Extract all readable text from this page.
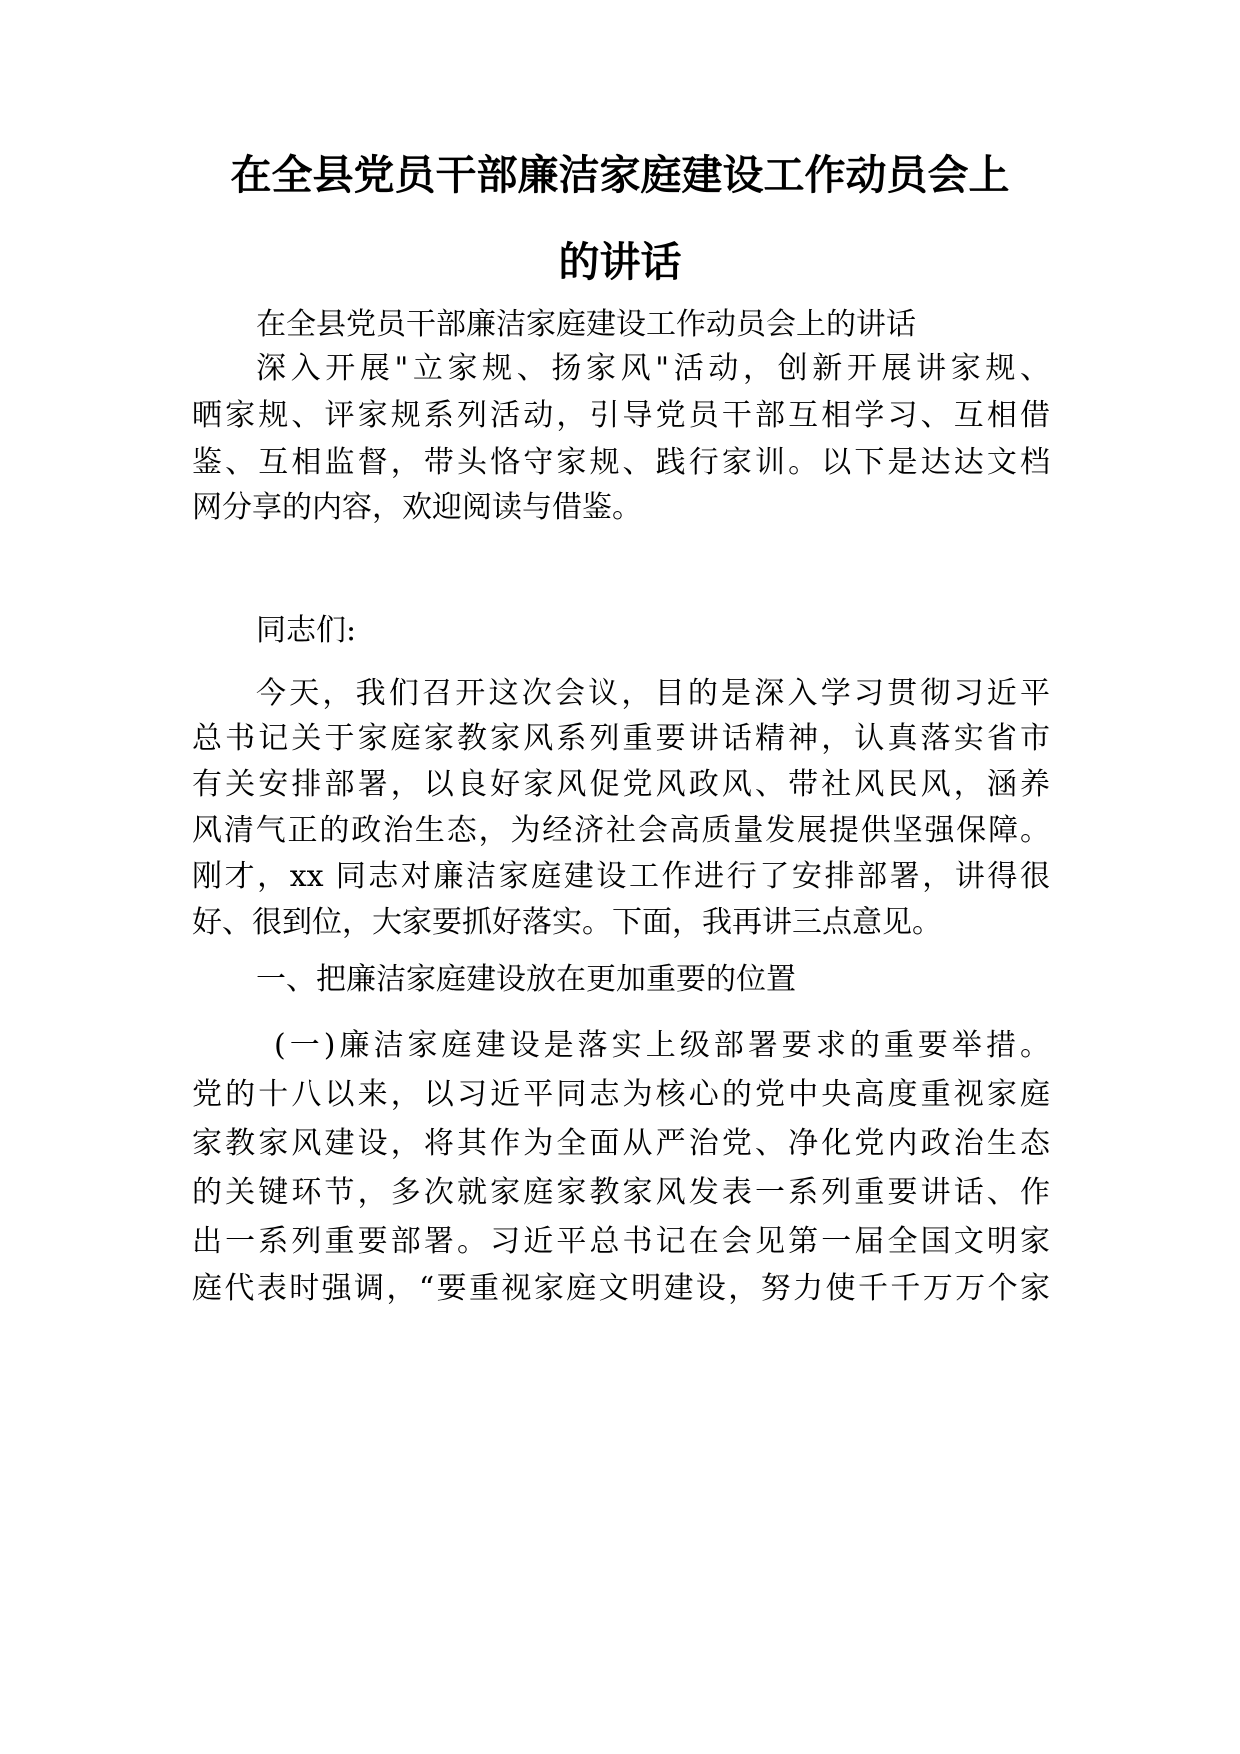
在全县党员干部廉洁家庭建设工作动员会上
的讲话
在全县党员干部廉洁家庭建设工作动员会上的讲话
深入开展"立家规、扬家风"活动，创新开展讲家规、
晒家规、评家规系列活动，引导党员干部互相学习、互相借
鉴、互相监督，带头恪守家规、践行家训。以下是达达文档
网分享的内容，欢迎阅读与借鉴。
同志们:
今天，我们召开这次会议，目的是深入学习贯彻习近平
总书记关于家庭家教家风系列重要讲话精神，认真落实省市
有关安排部署，以良好家风促党风政风、带社风民风，涵养
风清气正的政治生态，为经济社会高质量发展提供坚强保障。
刚才，xx 同志对廉洁家庭建设工作进行了安排部署，讲得很
好、很到位，大家要抓好落实。下面，我再讲三点意见。
一、把廉洁家庭建设放在更加重要的位置
(一)廉洁家庭建设是落实上级部署要求的重要举措。
党的十八以来，以习近平同志为核心的党中央高度重视家庭
家教家风建设，将其作为全面从严治党、净化党内政治生态
的关键环节，多次就家庭家教家风发表一系列重要讲话、作
出一系列重要部署。习近平总书记在会见第一届全国文明家
庭代表时强调，“要重视家庭文明建设，努力使千千万万个家
